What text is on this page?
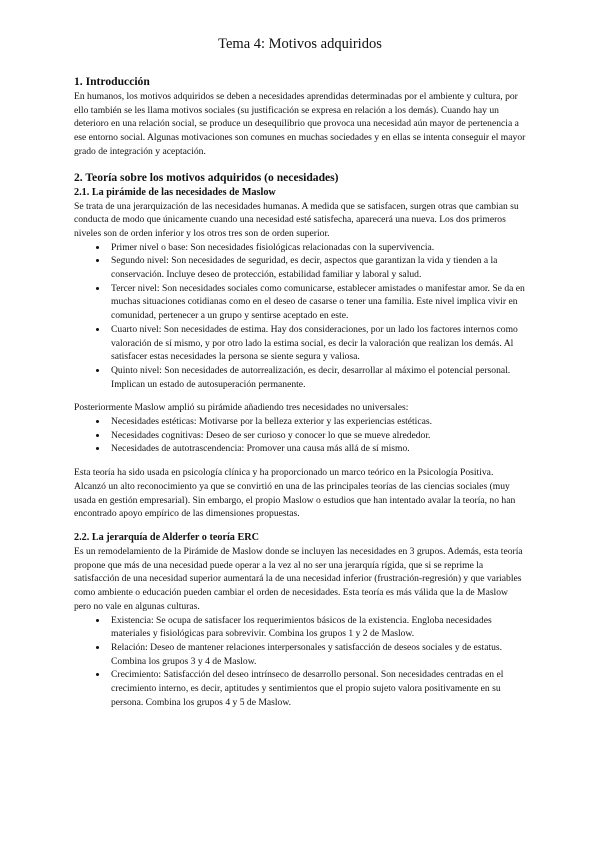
Tema 4: Motivos adquiridos
1. Introducción

En humanos, los motivos adquiridos se deben a necesidades aprendidas determinadas por el ambiente y cultura, por ello también se les llama motivos sociales (su justificación se expresa en relación a los demás). Cuando hay un deterioro en una relación social, se produce un desequilibrio que provoca una necesidad aún mayor de pertenencia a ese entorno social. Algunas motivaciones son comunes en muchas sociedades y en ellas se intenta conseguir el mayor grado de integración y aceptación.

2. Teoría sobre los motivos adquiridos (o necesidades)
2.1. La pirámide de las necesidades de Maslow

Se trata de una jerarquización de las necesidades humanas. A medida que se satisfacen, surgen otras que cambian su conducta de modo que únicamente cuando una necesidad esté satisfecha, aparecerá una nueva. Los dos primeros niveles son de orden inferior y los otros tres son de orden superior.

• Primer nivel o base: Son necesidades fisiológicas relacionadas con la supervivencia.
• Segundo nivel: Son necesidades de seguridad, es decir, aspectos que garantizan la vida y tienden a la conservación. Incluye deseo de protección, estabilidad familiar y laboral y salud.
• Tercer nivel: Son necesidades sociales como comunicarse, establecer amistades o manifestar amor. Se da en muchas situaciones cotidianas como en el deseo de casarse o tener una familia. Este nivel implica vivir en comunidad, pertenecer a un grupo y sentirse aceptado en este.
• Cuarto nivel: Son necesidades de estima. Hay dos consideraciones, por un lado los factores internos como valoración de sí mismo, y por otro lado la estima social, es decir la valoración que realizan los demás. Al satisfacer estas necesidades la persona se siente segura y valiosa.
• Quinto nivel: Son necesidades de autorrealización, es decir, desarrollar al máximo el potencial personal. Implican un estado de autosuperación permanente.

Posteriormente Maslow amplió su pirámide añadiendo tres necesidades no universales:

• Necesidades estéticas: Motivarse por la belleza exterior y las experiencias estéticas.
• Necesidades cognitivas: Deseo de ser curioso y conocer lo que se mueve alrededor.
• Necesidades de autotrascendencia: Promover una causa más allá de sí mismo.

Esta teoría ha sido usada en psicología clínica y ha proporcionado un marco teórico en la Psicología Positiva. Alcanzó un alto reconocimiento ya que se convirtió en una de las principales teorías de las ciencias sociales (muy usada en gestión empresarial). Sin embargo, el propio Maslow o estudios que han intentado avalar la teoría, no han encontrado apoyo empírico de las dimensiones propuestas.

2.2. La jerarquía de Alderfer o teoría ERC

Es un remodelamiento de la Pirámide de Maslow donde se incluyen las necesidades en 3 grupos. Además, esta teoría propone que más de una necesidad puede operar a la vez al no ser una jerarquía rígida, que si se reprime la satisfacción de una necesidad superior aumentará la de una necesidad inferior (frustración-regresión) y que variables como ambiente o educación pueden cambiar el orden de necesidades. Esta teoría es más válida que la de Maslow pero no vale en algunas culturas.

• Existencia: Se ocupa de satisfacer los requerimientos básicos de la existencia. Engloba necesidades materiales y fisiológicas para sobrevivir. Combina los grupos 1 y 2 de Maslow.
• Relación: Deseo de mantener relaciones interpersonales y satisfacción de deseos sociales y de estatus. Combina los grupos 3 y 4 de Maslow.
• Crecimiento: Satisfacción del deseo intrínseco de desarrollo personal. Son necesidades centradas en el crecimiento interno, es decir, aptitudes y sentimientos que el propio sujeto valora positivamente en su persona. Combina los grupos 4 y 5 de Maslow.
